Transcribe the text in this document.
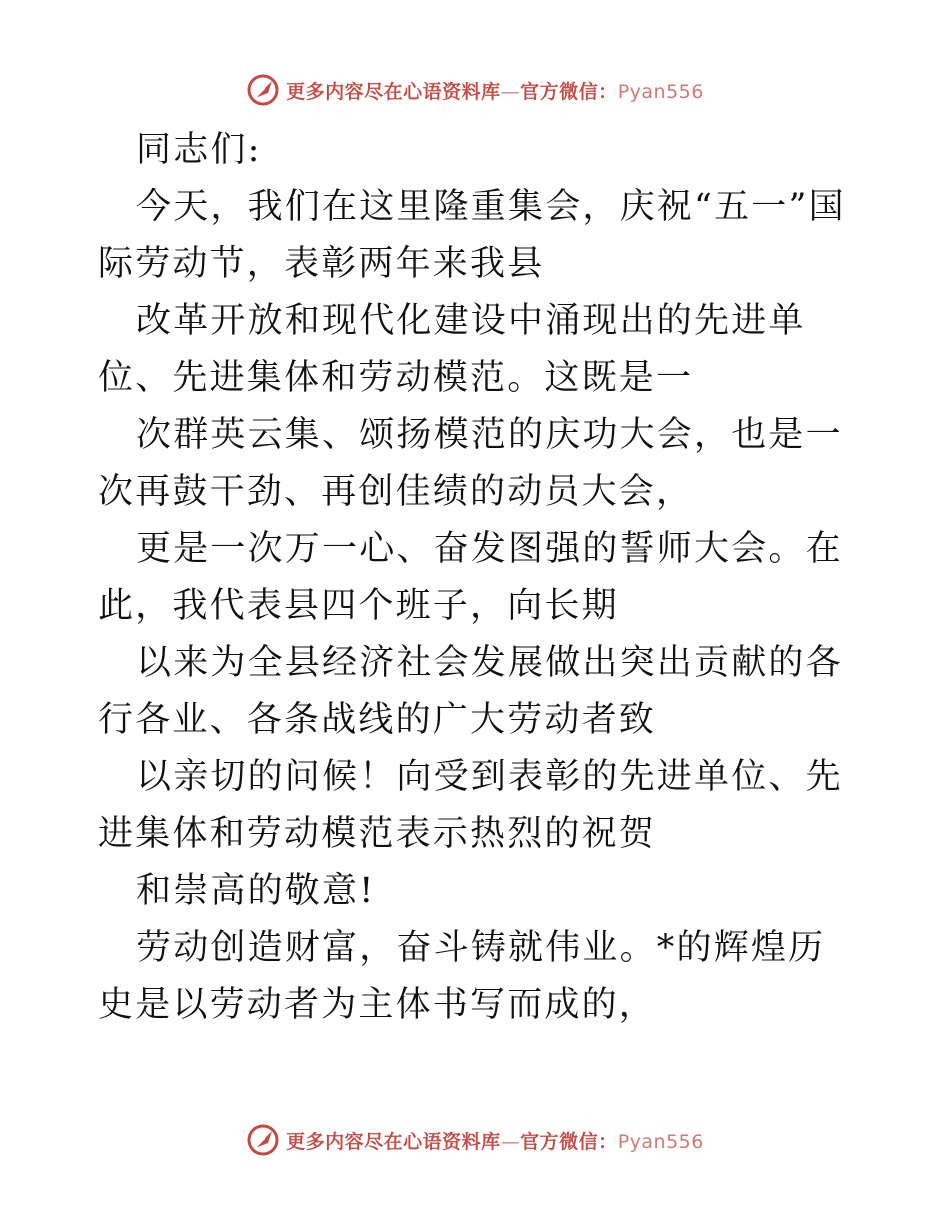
更多内容尽在心语资料库—官方微信：Pyan556

同志们:

今天，我们在这里隆重集会，庆祝“五一”国际劳动节，表彰两年来我县

改革开放和现代化建设中涌现出的先进单位、先进集体和劳动模范。这既是一

次群英云集、颂扬模范的庆功大会，也是一次再鼓干劲、再创佳绩的动员大会，

更是一次万一心、奋发图强的誓师大会。在此，我代表县四个班子，向长期

以来为全县经济社会发展做出突出贡献的各行各业、各条战线的广大劳动者致

以亲切的问候！向受到表彰的先进单位、先进集体和劳动模范表示热烈的祝贺

和崇高的敬意!

劳动创造财富，奋斗铸就伟业。*的辉煌历史是以劳动者为主体书写而成的，

更多内容尽在心语资料库—官方微信：Pyan556
